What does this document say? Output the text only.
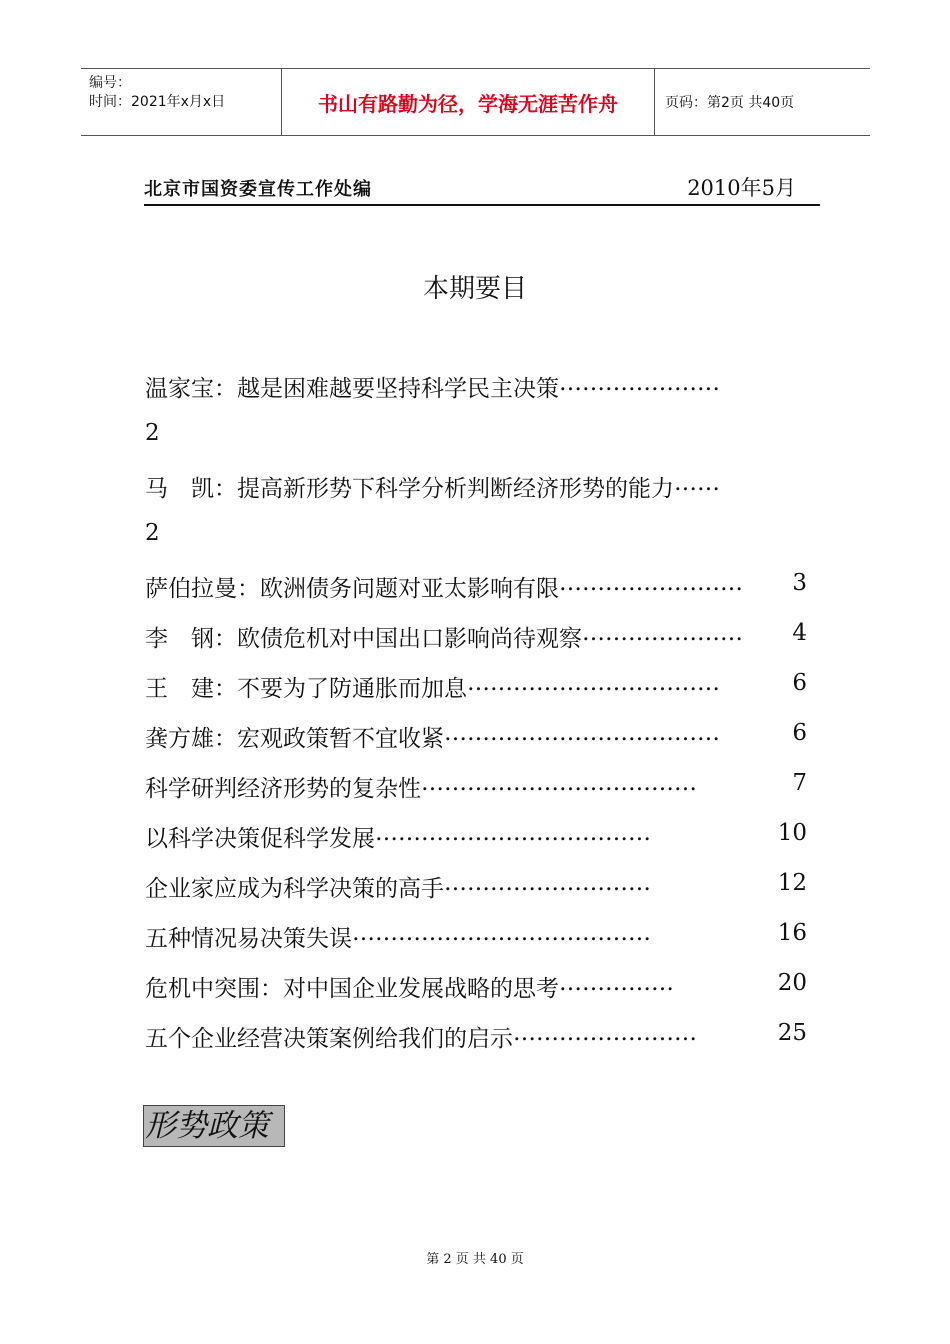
编号：
时间：2021年x月x日	书山有路勤为径，学海无涯苦作舟	页码：第2页 共40页
北京市国资委宣传工作处编	2010年5月
本期要目
温家宝：越是困难越要坚持科学民主决策 …………………
2
马　凯：提高新形势下科学分析判断经济形势的能力 ……
2
萨伯拉曼：欧洲债务问题对亚太影响有限 …………………… 3
李　钢：欧债危机对中国出口影响尚待观察 ………………… 4
王　建：不要为了防通胀而加息 ……………………………	6
龚方雄：宏观政策暂不宜收紧 ………………………………	6
科学研判经济形势的复杂性 ………………………………	7
以科学决策促科学发展 ………………………………	10
企业家应成为科学决策的高手 ………………………	12
五种情况易决策失误 …………………………………	16
危机中突围：对中国企业发展战略的思考 ……………	20
五个企业经营决策案例给我们的启示 ……………………	25
形势政策
第 2 页 共 40 页
